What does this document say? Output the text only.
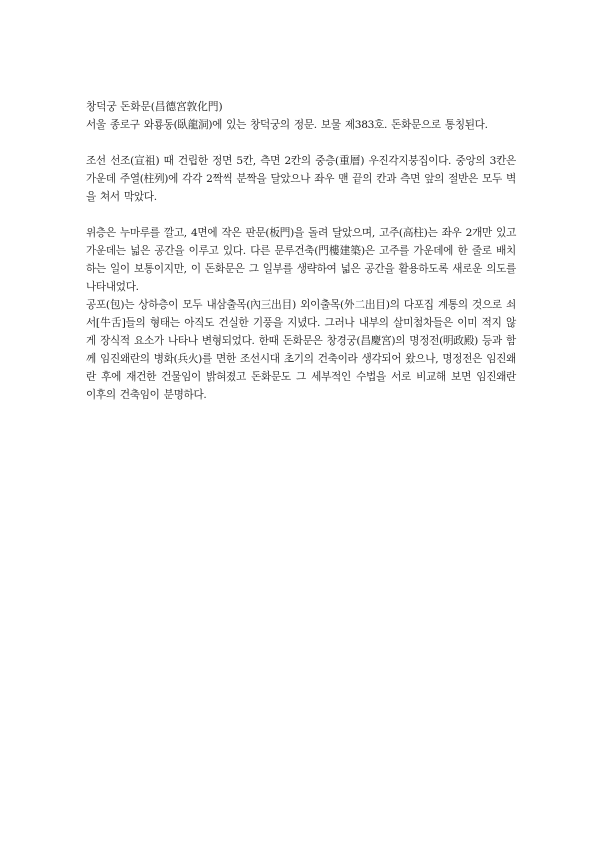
창덕궁 돈화문(昌德宮敦化門)

서울 종로구 와룡동(臥龍洞)에 있는 창덕궁의 정문. 보물 제383호. 돈화문으로 통칭된다.

조선 선조(宣祖) 때 건립한 정면 5칸, 측면 2칸의 중층(重層) 우진각지붕집이다. 중앙의 3칸은 가운데 주열(柱列)에 각각 2짝씩 분짝을 달았으나 좌우 맨 끝의 칸과 측면 앞의 절반은 모두 벽을 쳐서 막았다.

위층은 누마루를 깔고, 4면에 작은 판문(板門)을 돌려 달았으며, 고주(高柱)는 좌우 2개만 있고 가운데는 넓은 공간을 이루고 있다. 다른 문루건축(門樓建築)은 고주를 가운데에 한 줄로 배치하는 일이 보통이지만, 이 돈화문은 그 일부를 생략하여 넓은 공간을 활용하도록 새로운 의도를 나타내었다.

공포(包)는 상하층이 모두 내삼출목(內三出目) 외이출목(外二出目)의 다포집 계통의 것으로 쇠서[牛舌]들의 형태는 아직도 건실한 기풍을 지녔다. 그러나 내부의 살미첨차들은 이미 적지 않게 장식적 요소가 나타나 변형되었다. 한때 돈화문은 창경궁(昌慶宮)의 명정전(明政殿) 등과 함께 임진왜란의 병화(兵火)를 면한 조선시대 초기의 건축이라 생각되어 왔으나, 명정전은 임진왜란 후에 재건한 건물임이 밝혀졌고 돈화문도 그 세부적인 수법을 서로 비교해 보면 임진왜란 이후의 건축임이 분명하다.
